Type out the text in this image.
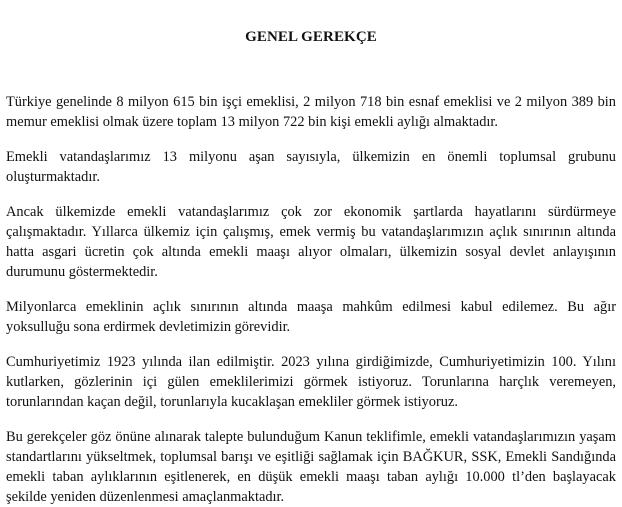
GENEL GEREKÇE

Türkiye genelinde 8 milyon 615 bin işçi emeklisi, 2 milyon 718 bin esnaf emeklisi ve 2 milyon 389 bin memur emeklisi olmak üzere toplam 13 milyon 722 bin kişi emekli aylığı almaktadır.

Emekli vatandaşlarımız 13 milyonu aşan sayısıyla, ülkemizin en önemli toplumsal grubunu oluşturmaktadır.

Ancak ülkemizde emekli vatandaşlarımız çok zor ekonomik şartlarda hayatlarını sürdürmeye çalışmaktadır. Yıllarca ülkemiz için çalışmış, emek vermiş bu vatandaşlarımızın açlık sınırının altında hatta asgari ücretin çok altında emekli maaşı alıyor olmaları, ülkemizin sosyal devlet anlayışının durumunu göstermektedir.

Milyonlarca emeklinin açlık sınırının altında maaşa mahkûm edilmesi kabul edilemez. Bu ağır yoksulluğu sona erdirmek devletimizin görevidir.

Cumhuriyetimiz 1923 yılında ilan edilmiştir. 2023 yılına girdiğimizde, Cumhuriyetimizin 100. Yılını kutlarken, gözlerinin içi gülen emeklilerimizi görmek istiyoruz. Torunlarına harçlık veremeyen, torunlarından kaçan değil, torunlarıyla kucaklaşan emekliler görmek istiyoruz.

Bu gerekçeler göz önüne alınarak talepte bulunduğum Kanun teklifimle, emekli vatandaşlarımızın yaşam standartlarını yükseltmek, toplumsal barışı ve eşitliği sağlamak için BAĞKUR, SSK, Emekli Sandığında emekli taban aylıklarının eşitlenerek, en düşük emekli maaşı taban aylığı 10.000 tl’den başlayacak şekilde yeniden düzenlenmesi amaçlanmaktadır.
